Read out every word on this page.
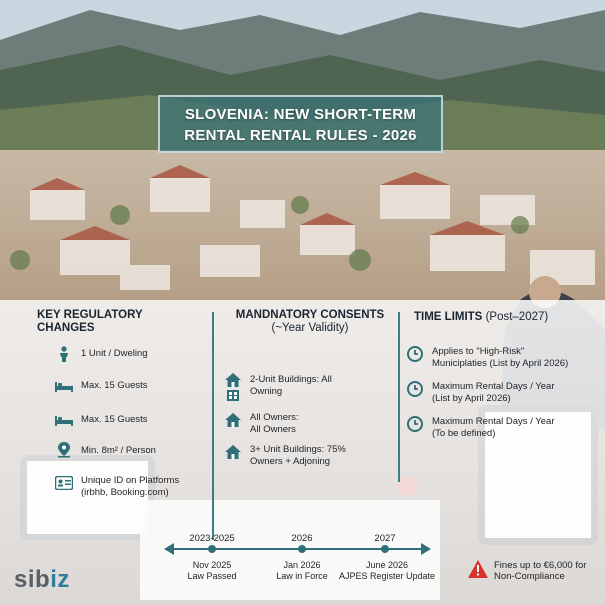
SLOVENIA: NEW SHORT-TERM
RENTAL RENTAL RULES - 2026
KEY REGULATORY
CHANGES
1 Unit / Dweling
Max. 15 Guests
Max. 15 Guests
Min. 8m² / Person
Unique ID on Platforms
(irbhb, Booking.com)
MANDNATORY CONSENTS
(~Year Validity)
2-Unit Buildings: All
Owning
All Owners:
All Owners
3+ Unit Buildings: 75%
Owners + Adjoning
TIME LIMITS (Post–2027)
Applies to "High-Risk"
Municiplaties (List by April 2026)
Maximum Rental Days / Year
(List by April 2026)
Maximum Rental Days / Year
(To be defined)
2023-2025
Nov 2025
Law Passed
2026
Jan 2026
Law in Force
2027
June 2026
AJPES Register Update
sibiz
Fines up to €6,000 for
Non-Compliance
